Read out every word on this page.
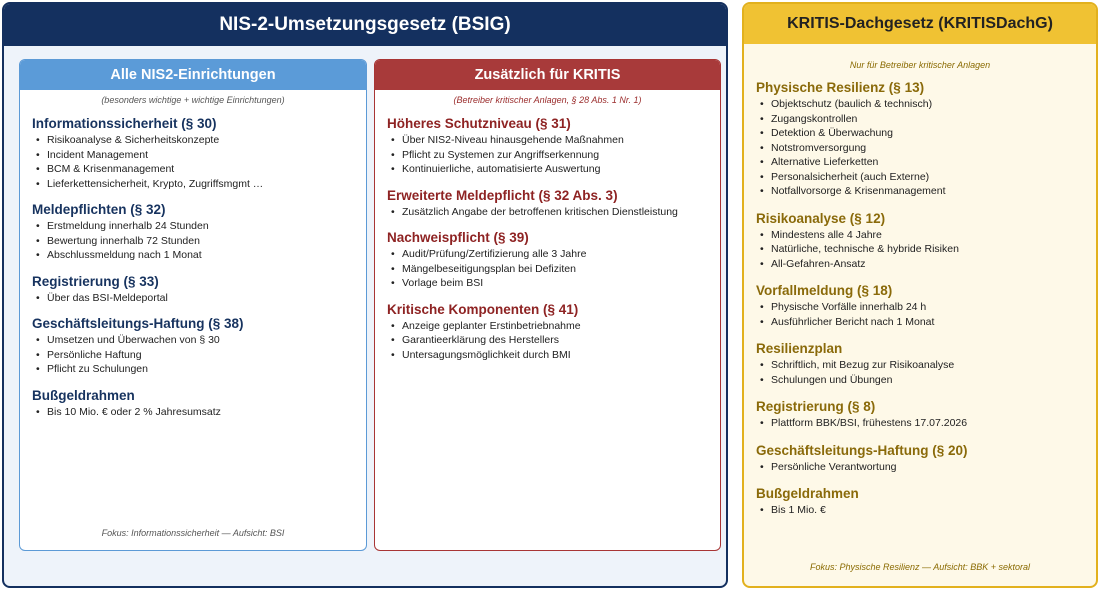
NIS-2-Umsetzungsgesetz (BSIG)
Alle NIS2-Einrichtungen
(besonders wichtige + wichtige Einrichtungen)
Informationssicherheit (§ 30)
• Risikoanalyse & Sicherheitskonzepte
• Incident Management
• BCM & Krisenmanagement
• Lieferkettensicherheit, Krypto, Zugriffsmgmt …
Meldepflichten (§ 32)
• Erstmeldung innerhalb 24 Stunden
• Bewertung innerhalb 72 Stunden
• Abschlussmeldung nach 1 Monat
Registrierung (§ 33)
• Über das BSI-Meldeportal
Geschäftsleitungs-Haftung (§ 38)
• Umsetzen und Überwachen von § 30
• Persönliche Haftung
• Pflicht zu Schulungen
Bußgeldrahmen
• Bis 10 Mio. € oder 2 % Jahresumsatz
Fokus: Informationssicherheit — Aufsicht: BSI
Zusätzlich für KRITIS
(Betreiber kritischer Anlagen, § 28 Abs. 1 Nr. 1)
Höheres Schutzniveau (§ 31)
• Über NIS2-Niveau hinausgehende Maßnahmen
• Pflicht zu Systemen zur Angriffserkennung
• Kontinuierliche, automatisierte Auswertung
Erweiterte Meldepflicht (§ 32 Abs. 3)
• Zusätzlich Angabe der betroffenen kritischen Dienstleistung
Nachweispflicht (§ 39)
• Audit/Prüfung/Zertifizierung alle 3 Jahre
• Mängelbeseitigungsplan bei Defiziten
• Vorlage beim BSI
Kritische Komponenten (§ 41)
• Anzeige geplanter Erstinbetriebnahme
• Garantieerklärung des Herstellers
• Untersagungsmöglichkeit durch BMI
KRITIS-Dachgesetz (KRITISDachG)
Nur für Betreiber kritischer Anlagen
Physische Resilienz (§ 13)
• Objektschutz (baulich & technisch)
• Zugangskontrollen
• Detektion & Überwachung
• Notstromversorgung
• Alternative Lieferketten
• Personalsicherheit (auch Externe)
• Notfallvorsorge & Krisenmanagement
Risikoanalyse (§ 12)
• Mindestens alle 4 Jahre
• Natürliche, technische & hybride Risiken
• All-Gefahren-Ansatz
Vorfallmeldung (§ 18)
• Physische Vorfälle innerhalb 24 h
• Ausführlicher Bericht nach 1 Monat
Resilienzplan
• Schriftlich, mit Bezug zur Risikoanalyse
• Schulungen und Übungen
Registrierung (§ 8)
• Plattform BBK/BSI, frühestens 17.07.2026
Geschäftsleitungs-Haftung (§ 20)
• Persönliche Verantwortung
Bußgeldrahmen
• Bis 1 Mio. €
Fokus: Physische Resilienz — Aufsicht: BBK + sektoral
